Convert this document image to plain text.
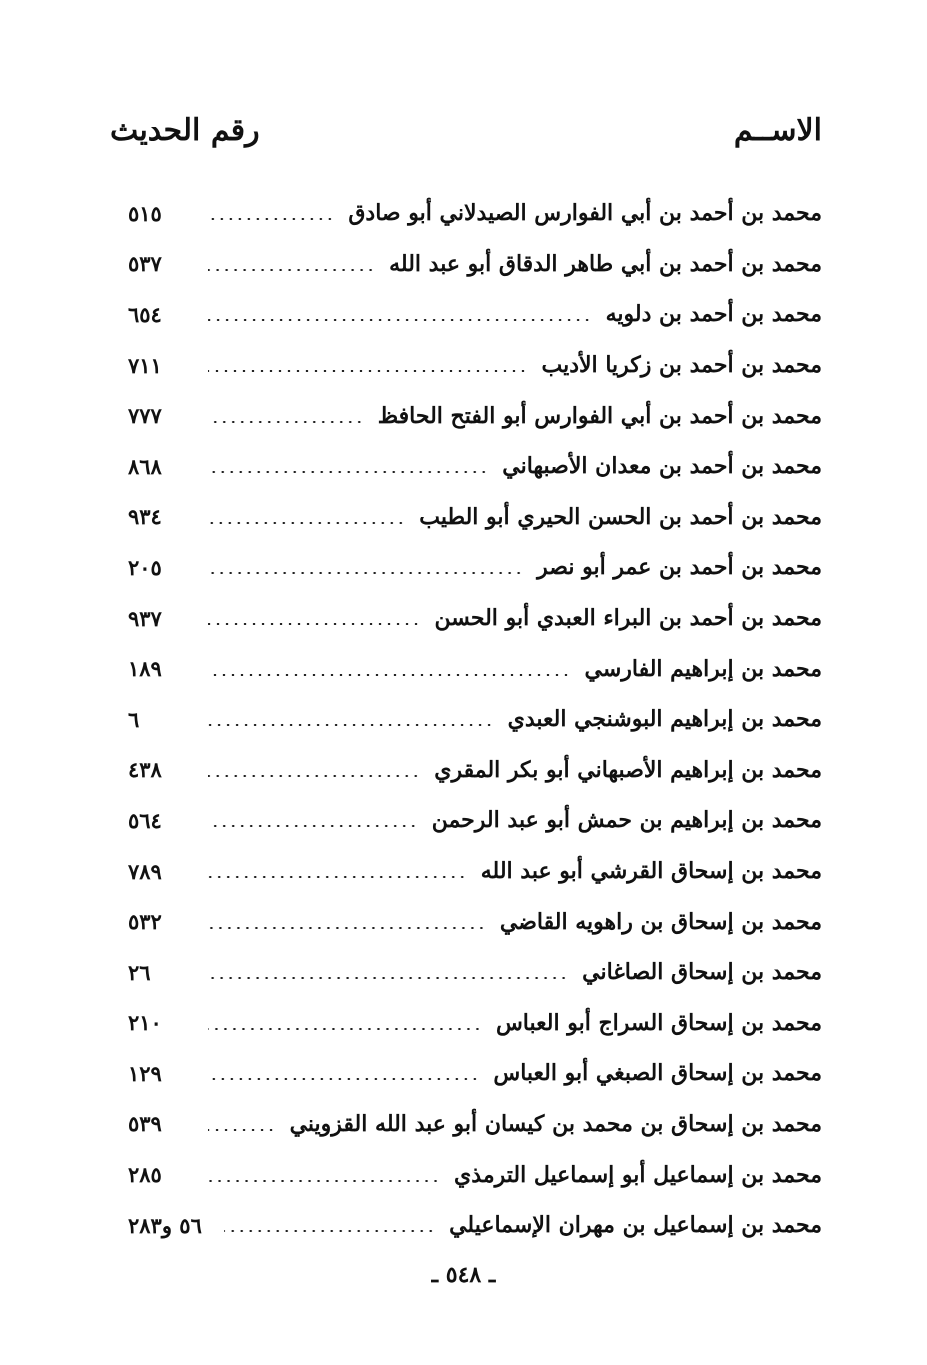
الاســم
رقم الحديث
محمد بن أحمد بن أبي الفوارس الصيدلاني أبو صادق
٥١٥
محمد بن أحمد بن أبي طاهر الدقاق أبو عبد الله
٥٣٧
محمد بن أحمد بن دلويه
٦٥٤
محمد بن أحمد بن زكريا الأديب
٧١١
محمد بن أحمد بن أبي الفوارس أبو الفتح الحافظ
٧٧٧
محمد بن أحمد بن معدان الأصبهاني
٨٦٨
محمد بن أحمد بن الحسن الحيري أبو الطيب
٩٣٤
محمد بن أحمد بن عمر أبو نصر
٢٠٥
محمد بن أحمد بن البراء العبدي أبو الحسن
٩٣٧
محمد بن إبراهيم الفارسي
١٨٩
محمد بن إبراهيم البوشنجي العبدي
٦
محمد بن إبراهيم الأصبهاني أبو بكر المقري
٤٣٨
محمد بن إبراهيم بن حمش أبو عبد الرحمن
٥٦٤
محمد بن إسحاق القرشي أبو عبد الله
٧٨٩
محمد بن إسحاق بن راهويه القاضي
٥٣٢
محمد بن إسحاق الصاغاني
٢٦
محمد بن إسحاق السراج أبو العباس
٢١٠
محمد بن إسحاق الصبغي أبو العباس
١٢٩
محمد بن إسحاق بن محمد بن كيسان أبو عبد الله القزويني
٥٣٩
محمد بن إسماعيل أبو إسماعيل الترمذي
٢٨٥
محمد بن إسماعيل بن مهران الإسماعيلي
٥٦ و٢٨٣
ـ ٥٤٨ ـ
